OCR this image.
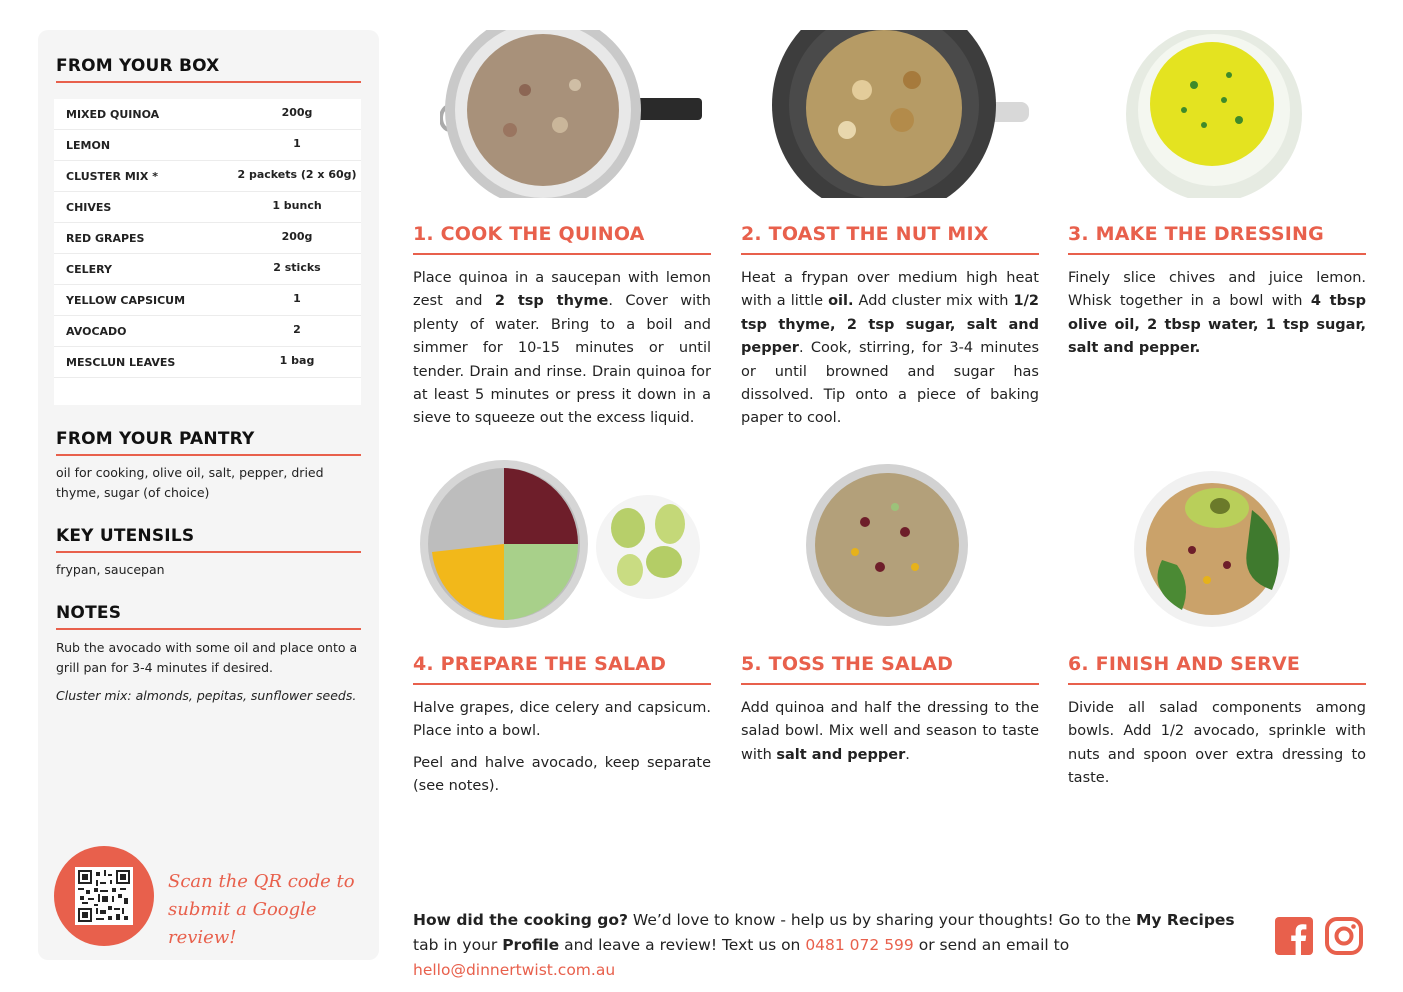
FROM YOUR BOX
MIXED QUINOA	200g
LEMON	1
CLUSTER MIX *	2 packets (2 x 60g)
CHIVES	1 bunch
RED GRAPES	200g
CELERY	2 sticks
YELLOW CAPSICUM	1
AVOCADO	2
MESCLUN LEAVES	1 bag
FROM YOUR PANTRY
oil for cooking, olive oil, salt, pepper, dried thyme, sugar (of choice)
KEY UTENSILS
frypan, saucepan
NOTES
Rub the avocado with some oil and place onto a grill pan for 3-4 minutes if desired.
Cluster mix: almonds, pepitas, sunflower seeds.
Scan the QR code to
submit a Google review!
1. COOK THE QUINOA

Place quinoa in a saucepan with lemon zest and 2 tsp thyme. Cover with plenty of water. Bring to a boil and simmer for 10-15 minutes or until tender. Drain and rinse. Drain quinoa for at least 5 minutes or press it down in a sieve to squeeze out the excess liquid.

2. TOAST THE NUT MIX

Heat a frypan over medium high heat with a little oil. Add cluster mix with 1/2 tsp thyme, 2 tsp sugar, salt and pepper. Cook, stirring, for 3-4 minutes or until browned and sugar has dissolved. Tip onto a piece of baking paper to cool.

3. MAKE THE DRESSING

Finely slice chives and juice lemon. Whisk together in a bowl with 4 tbsp olive oil, 2 tbsp water, 1 tsp sugar, salt and pepper.

4. PREPARE THE SALAD

Halve grapes, dice celery and capsicum. Place into a bowl.

Peel and halve avocado, keep separate (see notes).

5. TOSS THE SALAD

Add quinoa and half the dressing to the salad bowl. Mix well and season to taste with salt and pepper.

6. FINISH AND SERVE

Divide all salad components among bowls. Add 1/2 avocado, sprinkle with nuts and spoon over extra dressing to taste.

How did the cooking go? We’d love to know - help us by sharing your thoughts! Go to the My Recipes tab in your Profile and leave a review! Text us on 0481 072 599 or send an email to hello@dinnertwist.com.au
